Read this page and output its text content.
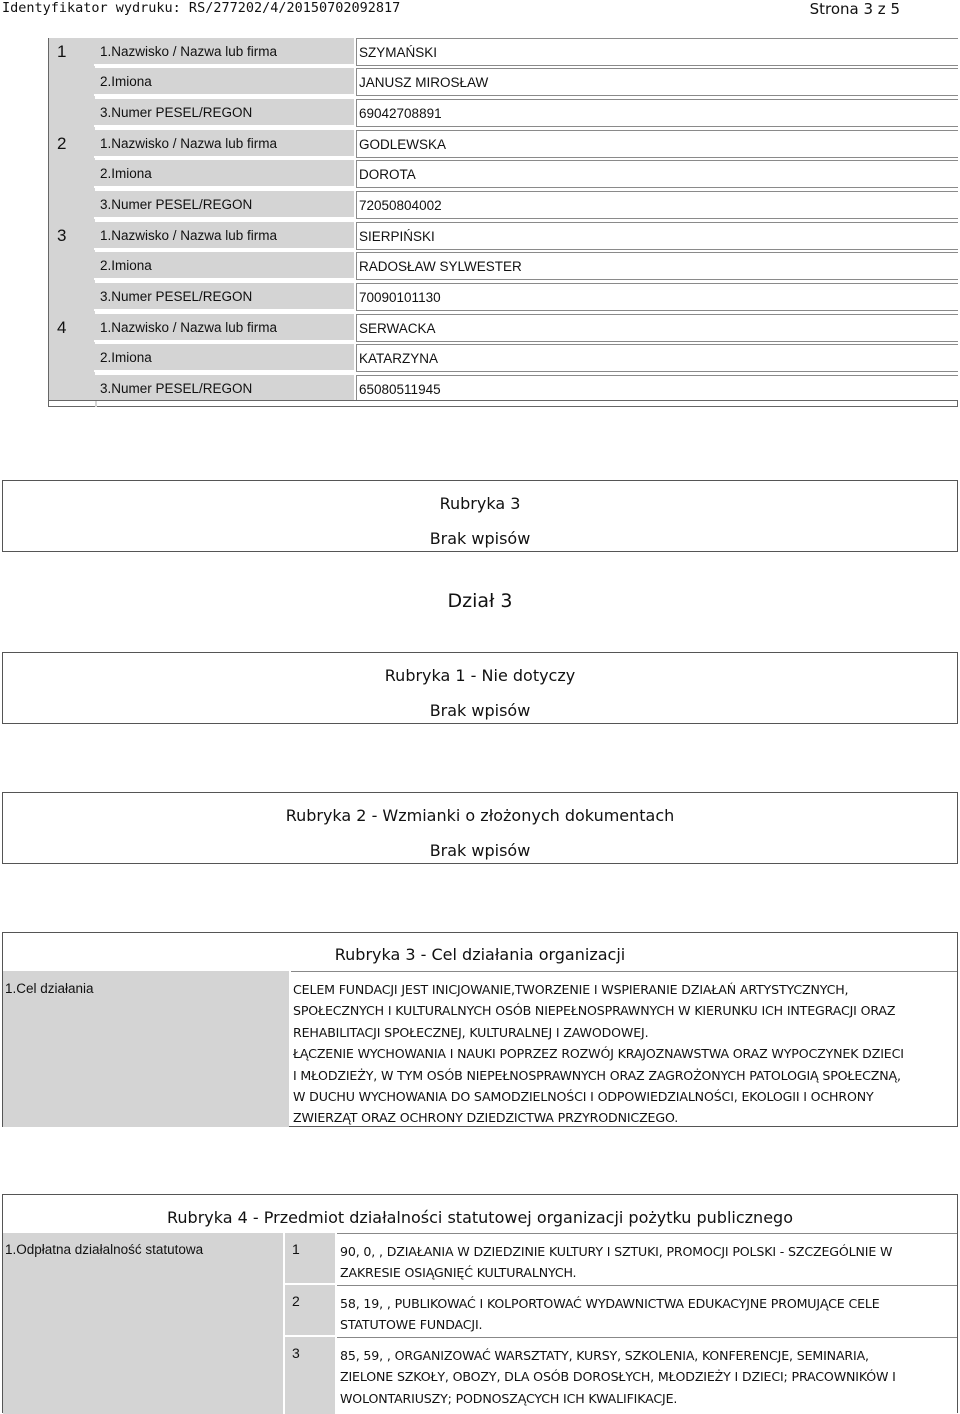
Identyfikator wydruku: RS/277202/4/20150702092817	Strona 3 z 5
1	1.Nazwisko / Nazwa lub firma	SZYMAŃSKI
2.Imiona	JANUSZ MIROSŁAW
3.Numer PESEL/REGON	69042708891
2	1.Nazwisko / Nazwa lub firma	GODLEWSKA
2.Imiona	DOROTA
3.Numer PESEL/REGON	72050804002
3	1.Nazwisko / Nazwa lub firma	SIERPIŃSKI
2.Imiona	RADOSŁAW SYLWESTER
3.Numer PESEL/REGON	70090101130
4	1.Nazwisko / Nazwa lub firma	SERWACKA
2.Imiona	KATARZYNA
3.Numer PESEL/REGON	65080511945
Rubryka 3
Brak wpisów
Dział 3
Rubryka 1 - Nie dotyczy
Brak wpisów
Rubryka 2 - Wzmianki o złożonych dokumentach
Brak wpisów
Rubryka 3 - Cel działania organizacji
1.Cel działania	CELEM FUNDACJI JEST INICJOWANIE,TWORZENIE I WSPIERANIE DZIAŁAŃ ARTYSTYCZNYCH,
SPOŁECZNYCH I KULTURALNYCH OSÓB NIEPEŁNOSPRAWNYCH W KIERUNKU ICH INTEGRACJI ORAZ
REHABILITACJI SPOŁECZNEJ, KULTURALNEJ I ZAWODOWEJ.
ŁĄCZENIE WYCHOWANIA I NAUKI POPRZEZ ROZWÓJ KRAJOZNAWSTWA ORAZ WYPOCZYNEK DZIECI
I MŁODZIEŻY, W TYM OSÓB NIEPEŁNOSPRAWNYCH ORAZ ZAGROŻONYCH PATOLOGIĄ SPOŁECZNĄ,
W DUCHU WYCHOWANIA DO SAMODZIELNOŚCI I ODPOWIEDZIALNOŚCI, EKOLOGII I OCHRONY
ZWIERZĄT ORAZ OCHRONY DZIEDZICTWA PRZYRODNICZEGO.
Rubryka 4 - Przedmiot działalności statutowej organizacji pożytku publicznego
1.Odpłatna działalność statutowa	1	90, 0, , DZIAŁANIA W DZIEDZINIE KULTURY I SZTUKI, PROMOCJI POLSKI - SZCZEGÓLNIE W
ZAKRESIE OSIĄGNIĘĆ KULTURALNYCH.
2	58, 19, , PUBLIKOWAĆ I KOLPORTOWAĆ WYDAWNICTWA EDUKACYJNE PROMUJĄCE CELE
STATUTOWE FUNDACJI.
3	85, 59, , ORGANIZOWAĆ WARSZTATY, KURSY, SZKOLENIA, KONFERENCJE, SEMINARIA,
ZIELONE SZKOŁY, OBOZY, DLA OSÓB DOROSŁYCH, MŁODZIEŻY I DZIECI; PRACOWNIKÓW I
WOLONTARIUSZY; PODNOSZĄCYCH ICH KWALIFIKACJE.
